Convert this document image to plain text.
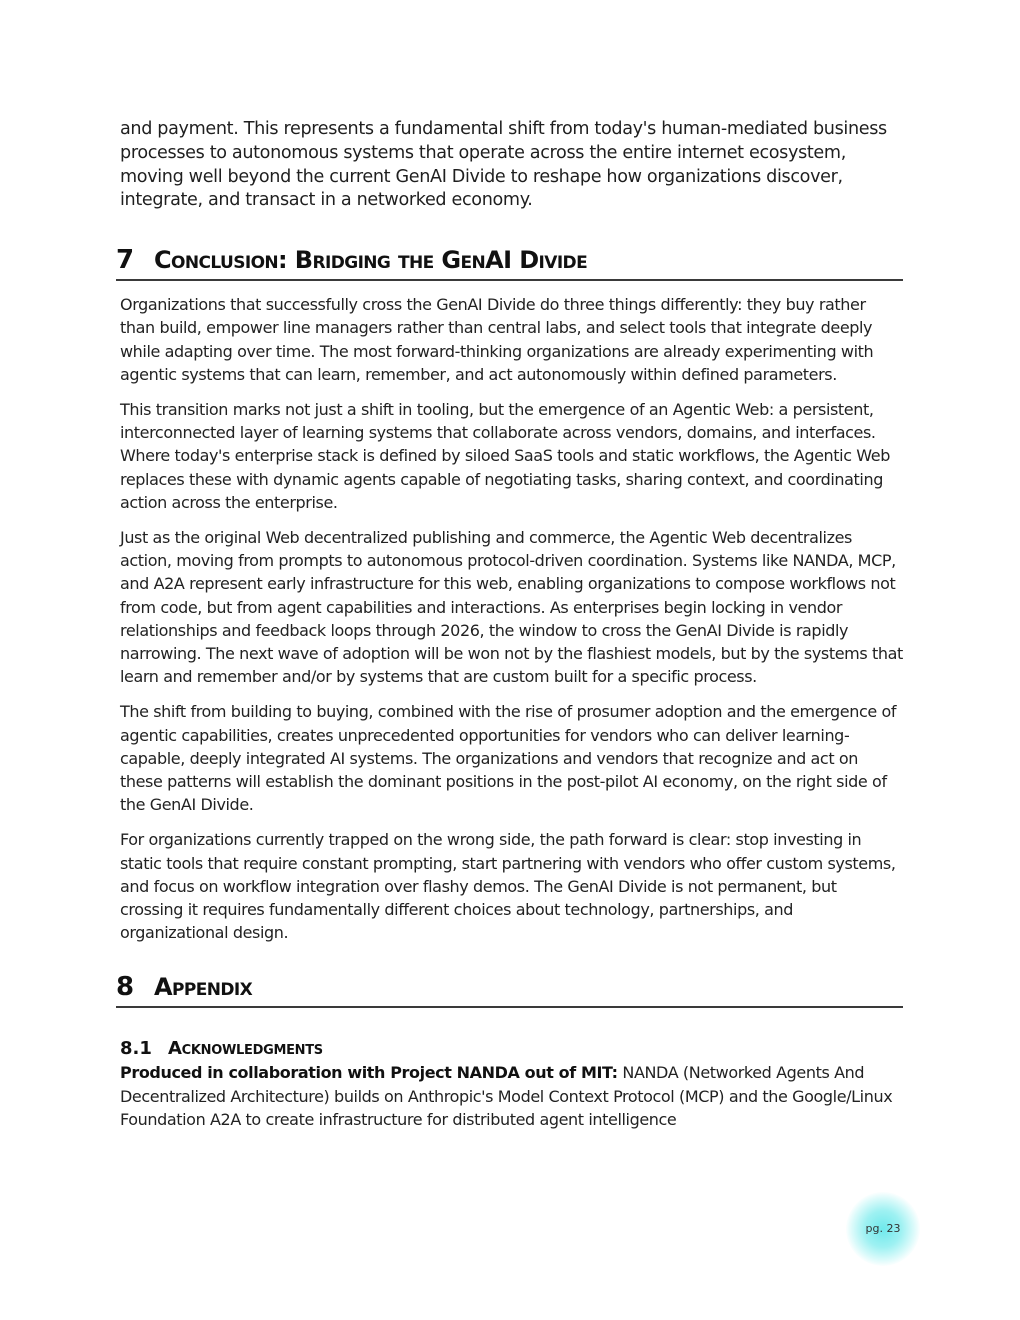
and payment. This represents a fundamental shift from today's human-mediated business processes to autonomous systems that operate across the entire internet ecosystem, moving well beyond the current GenAI Divide to reshape how organizations discover, integrate, and transact in a networked economy.

7 Conclusion: Bridging the GenAI Divide

Organizations that successfully cross the GenAI Divide do three things differently: they buy rather than build, empower line managers rather than central labs, and select tools that integrate deeply while adapting over time. The most forward-thinking organizations are already experimenting with agentic systems that can learn, remember, and act autonomously within defined parameters.

This transition marks not just a shift in tooling, but the emergence of an Agentic Web: a persistent, interconnected layer of learning systems that collaborate across vendors, domains, and interfaces. Where today's enterprise stack is defined by siloed SaaS tools and static workflows, the Agentic Web replaces these with dynamic agents capable of negotiating tasks, sharing context, and coordinating action across the enterprise.

Just as the original Web decentralized publishing and commerce, the Agentic Web decentralizes action, moving from prompts to autonomous protocol-driven coordination. Systems like NANDA, MCP, and A2A represent early infrastructure for this web, enabling organizations to compose workflows not from code, but from agent capabilities and interactions. As enterprises begin locking in vendor relationships and feedback loops through 2026, the window to cross the GenAI Divide is rapidly narrowing. The next wave of adoption will be won not by the flashiest models, but by the systems that learn and remember and/or by systems that are custom built for a specific process.

The shift from building to buying, combined with the rise of prosumer adoption and the emergence of agentic capabilities, creates unprecedented opportunities for vendors who can deliver learning-capable, deeply integrated AI systems. The organizations and vendors that recognize and act on these patterns will establish the dominant positions in the post-pilot AI economy, on the right side of the GenAI Divide.

For organizations currently trapped on the wrong side, the path forward is clear: stop investing in static tools that require constant prompting, start partnering with vendors who offer custom systems, and focus on workflow integration over flashy demos. The GenAI Divide is not permanent, but crossing it requires fundamentally different choices about technology, partnerships, and organizational design.

8 Appendix
8.1 Acknowledgments

Produced in collaboration with Project NANDA out of MIT: NANDA (Networked Agents And Decentralized Architecture) builds on Anthropic's Model Context Protocol (MCP) and the Google/Linux Foundation A2A to create infrastructure for distributed agent intelligence

pg. 23
